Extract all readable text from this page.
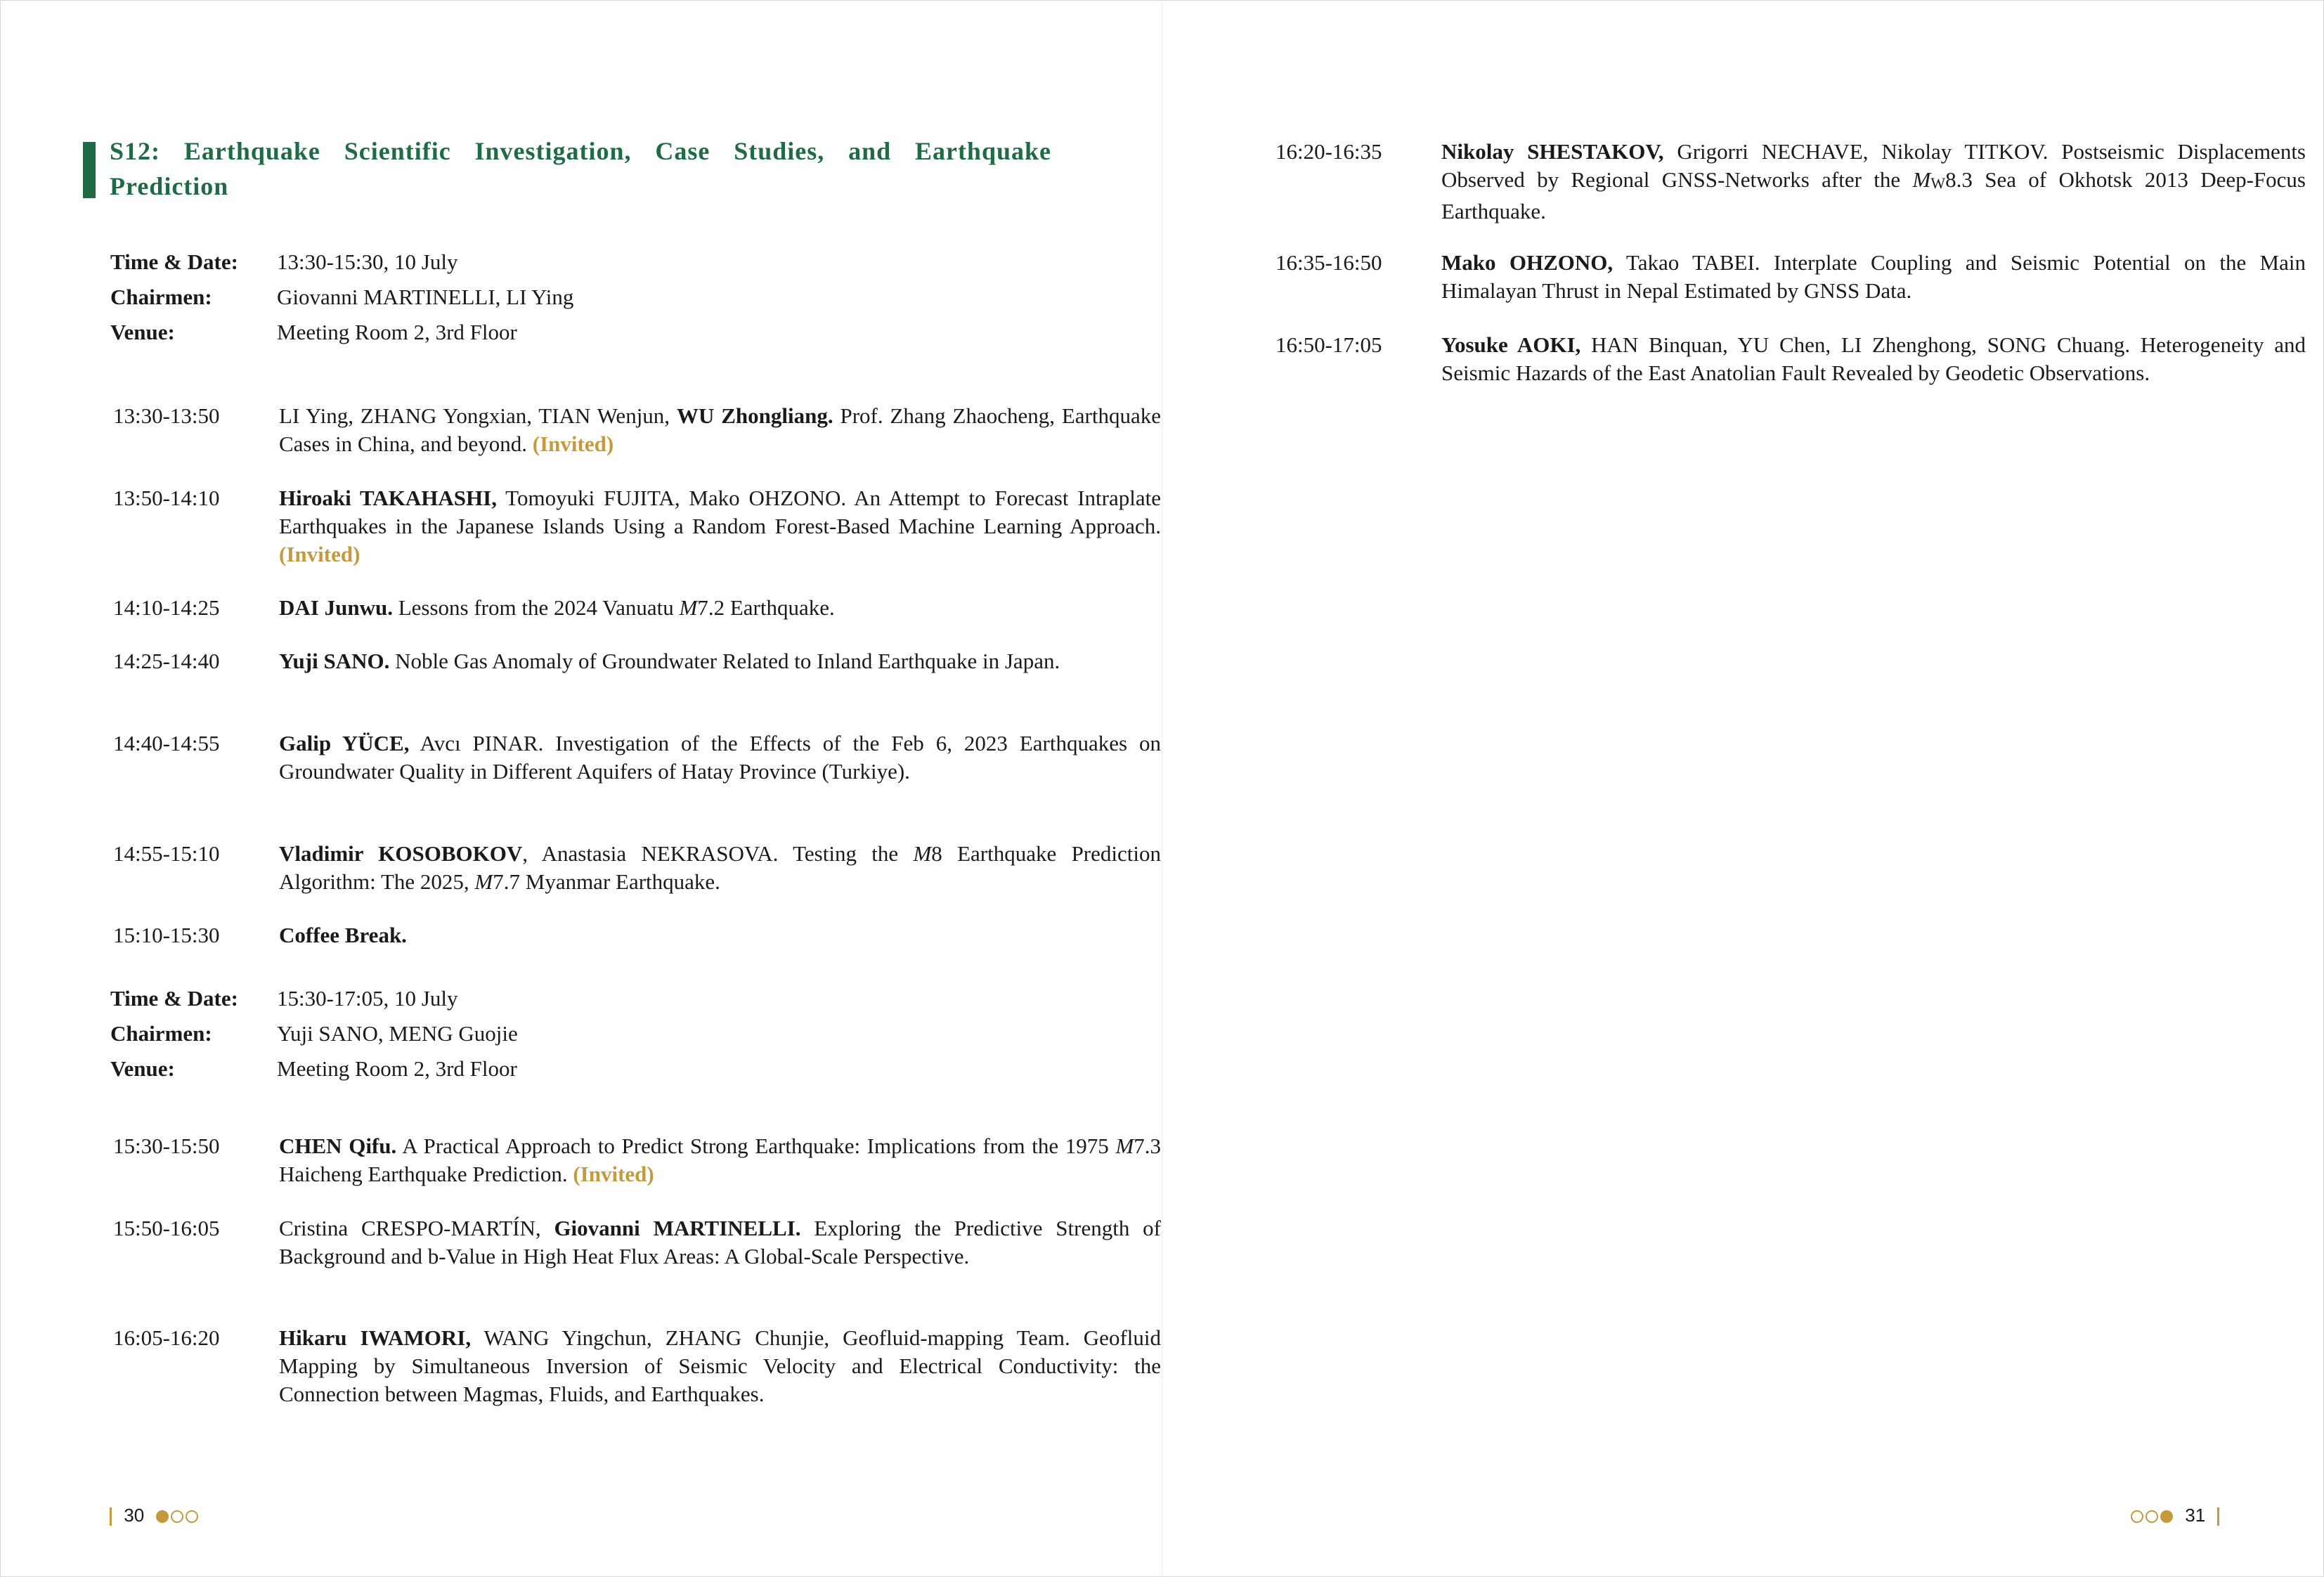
S12: Earthquake Scientific Investigation, Case Studies, and Earthquake Prediction
Time & Date: 13:30-15:30, 10 July
Chairmen:	Giovanni MARTINELLI, LI Ying
Venue:	Meeting Room 2, 3rd Floor
13:30-13:50	LI Ying, ZHANG Yongxian, TIAN Wenjun, WU Zhongliang. Prof. Zhang Zhaocheng, Earthquake Cases in China, and beyond. (Invited)
13:50-14:10	Hiroaki TAKAHASHI, Tomoyuki FUJITA, Mako OHZONO. An Attempt to Forecast Intraplate Earthquakes in the Japanese Islands Using a Random Forest-Based Machine Learning Approach. (Invited)
14:10-14:25	DAI Junwu. Lessons from the 2024 Vanuatu M7.2 Earthquake.
14:25-14:40	Yuji SANO. Noble Gas Anomaly of Groundwater Related to Inland Earthquake in Japan.
14:40-14:55	Galip YÜCE, Avcı PINAR. Investigation of the Effects of the Feb 6, 2023 Earthquakes on Groundwater Quality in Different Aquifers of Hatay Province (Turkiye).
14:55-15:10	Vladimir KOSOBOKOV, Anastasia NEKRASOVA. Testing the M8 Earthquake Prediction Algorithm: The 2025, M7.7 Myanmar Earthquake.
15:10-15:30	Coffee Break.
Time & Date: 15:30-17:05, 10 July
Chairmen:	Yuji SANO, MENG Guojie
Venue:	Meeting Room 2, 3rd Floor
15:30-15:50	CHEN Qifu. A Practical Approach to Predict Strong Earthquake: Implications from the 1975 M7.3 Haicheng Earthquake Prediction. (Invited)
15:50-16:05	Cristina CRESPO-MARTÍN, Giovanni MARTINELLI. Exploring the Predictive Strength of Background and b-Value in High Heat Flux Areas: A Global-Scale Perspective.
16:05-16:20	Hikaru IWAMORI, WANG Yingchun, ZHANG Chunjie, Geofluid-mapping Team. Geofluid Mapping by Simultaneous Inversion of Seismic Velocity and Electrical Conductivity: the Connection between Magmas, Fluids, and Earthquakes.
16:20-16:35	Nikolay SHESTAKOV, Grigorri NECHAVE, Nikolay TITKOV. Postseismic Displacements Observed by Regional GNSS-Networks after the MW8.3 Sea of Okhotsk 2013 Deep-Focus Earthquake.
16:35-16:50	Mako OHZONO, Takao TABEI. Interplate Coupling and Seismic Potential on the Main Himalayan Thrust in Nepal Estimated by GNSS Data.
16:50-17:05	Yosuke AOKI, HAN Binquan, YU Chen, LI Zhenghong, SONG Chuang. Heterogeneity and Seismic Hazards of the East Anatolian Fault Revealed by Geodetic Observations.
30	31
